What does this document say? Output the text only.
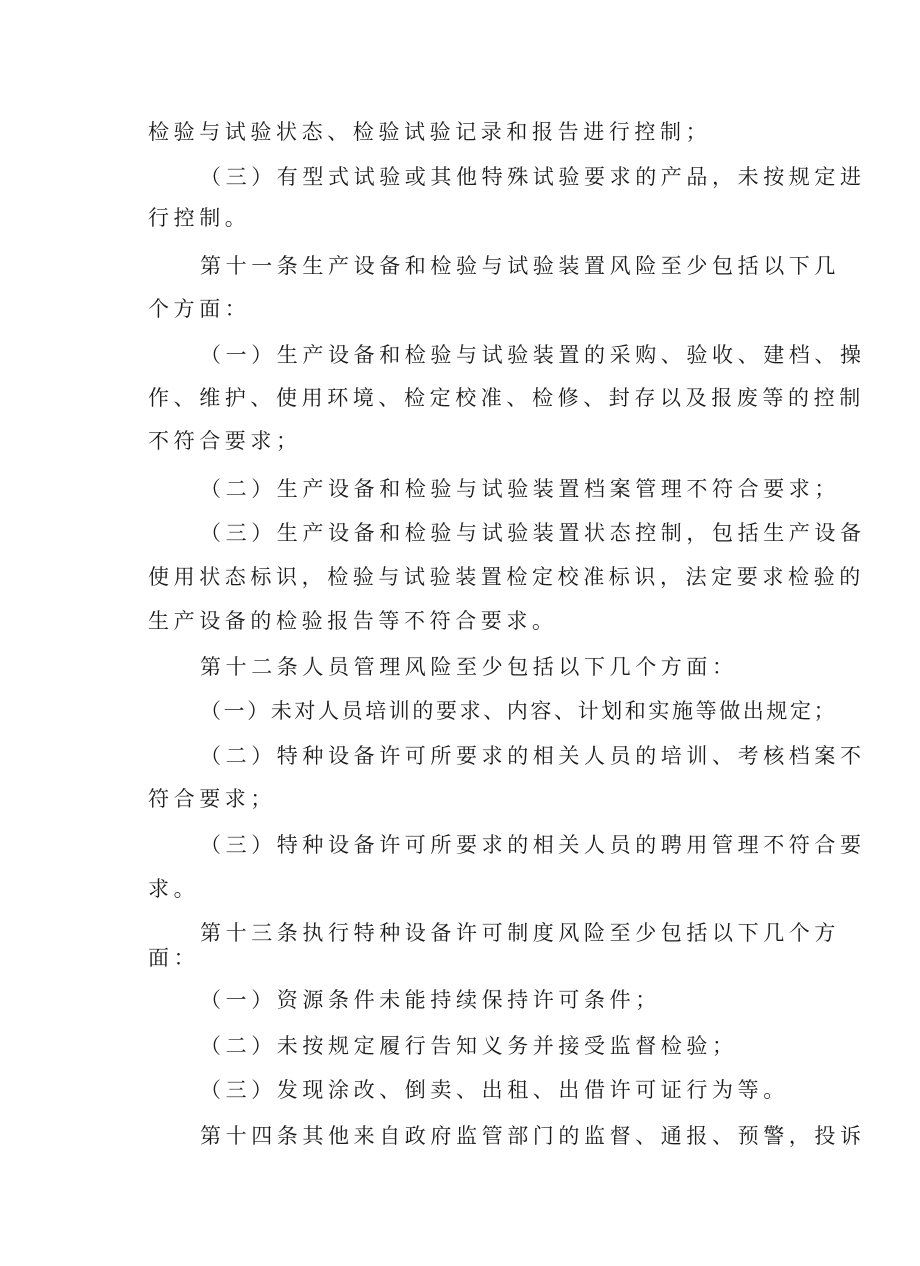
检验与试验状态、检验试验记录和报告进行控制；
（三）有型式试验或其他特殊试验要求的产品，未按规定进
行控制。
第十一条生产设备和检验与试验装置风险至少包括以下几
个方面：
（一）生产设备和检验与试验装置的采购、验收、建档、操
作、维护、使用环境、检定校准、检修、封存以及报废等的控制
不符合要求；
（二）生产设备和检验与试验装置档案管理不符合要求；
（三）生产设备和检验与试验装置状态控制，包括生产设备
使用状态标识，检验与试验装置检定校准标识，法定要求检验的
生产设备的检验报告等不符合要求。
第十二条人员管理风险至少包括以下几个方面：
（一）未对人员培训的要求、内容、计划和实施等做出规定；
（二）特种设备许可所要求的相关人员的培训、考核档案不
符合要求；
（三）特种设备许可所要求的相关人员的聘用管理不符合要
求。
第十三条执行特种设备许可制度风险至少包括以下几个方
面：
（一）资源条件未能持续保持许可条件；
（二）未按规定履行告知义务并接受监督检验；
（三）发现涂改、倒卖、出租、出借许可证行为等。
第十四条其他来自政府监管部门的监督、通报、预警，投诉
